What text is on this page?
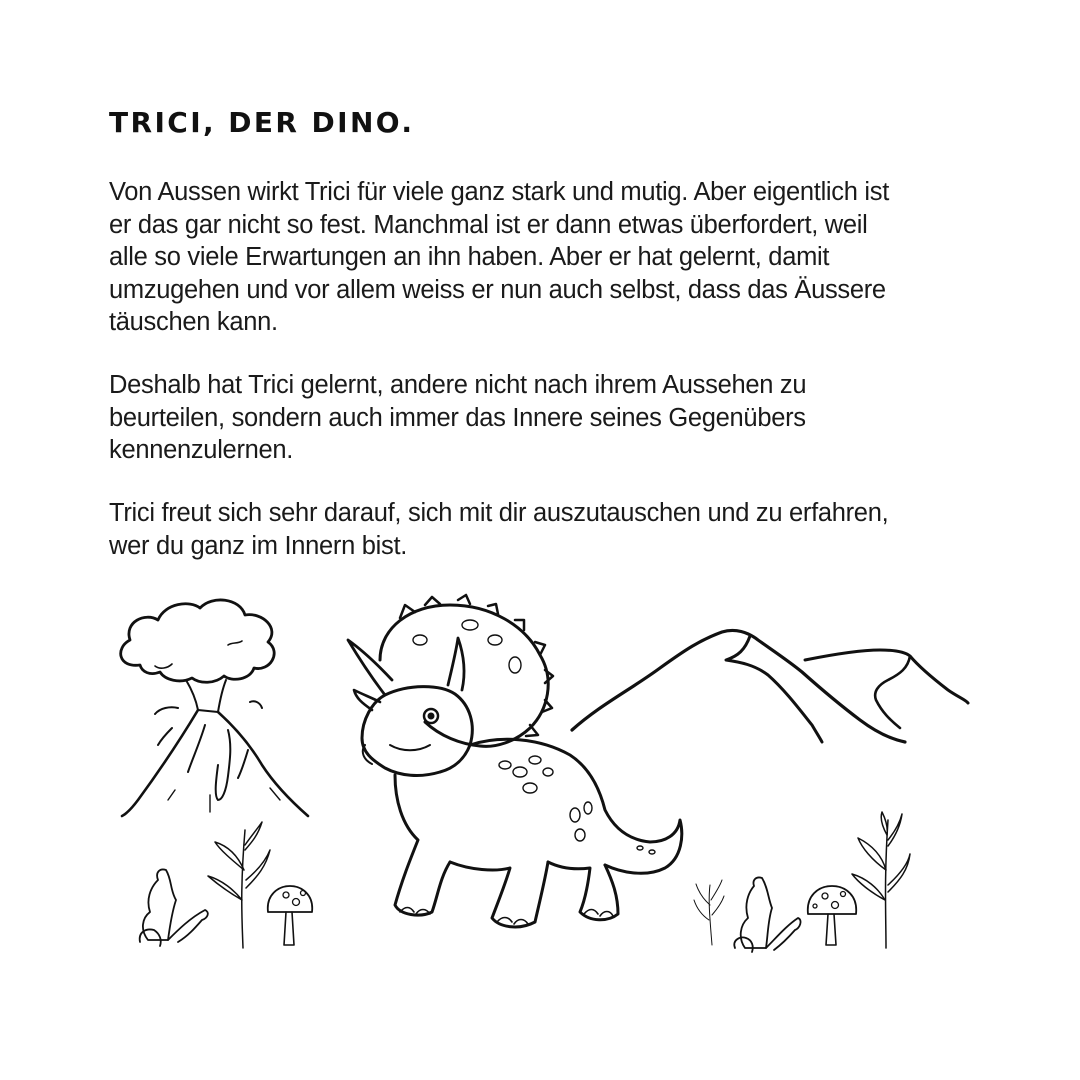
TRICI, DER DINO.

Von Aussen wirkt Trici für viele ganz stark und mutig. Aber eigentlich ist
er das gar nicht so fest. Manchmal ist er dann etwas überfordert, weil
alle so viele Erwartungen an ihn haben. Aber er hat gelernt, damit
umzugehen und vor allem weiss er nun auch selbst, dass das Äussere
täuschen kann.

Deshalb hat Trici gelernt, andere nicht nach ihrem Aussehen zu
beurteilen, sondern auch immer das Innere seines Gegenübers
kennenzulernen.

Trici freut sich sehr darauf, sich mit dir auszutauschen und zu erfahren,
wer du ganz im Innern bist.
